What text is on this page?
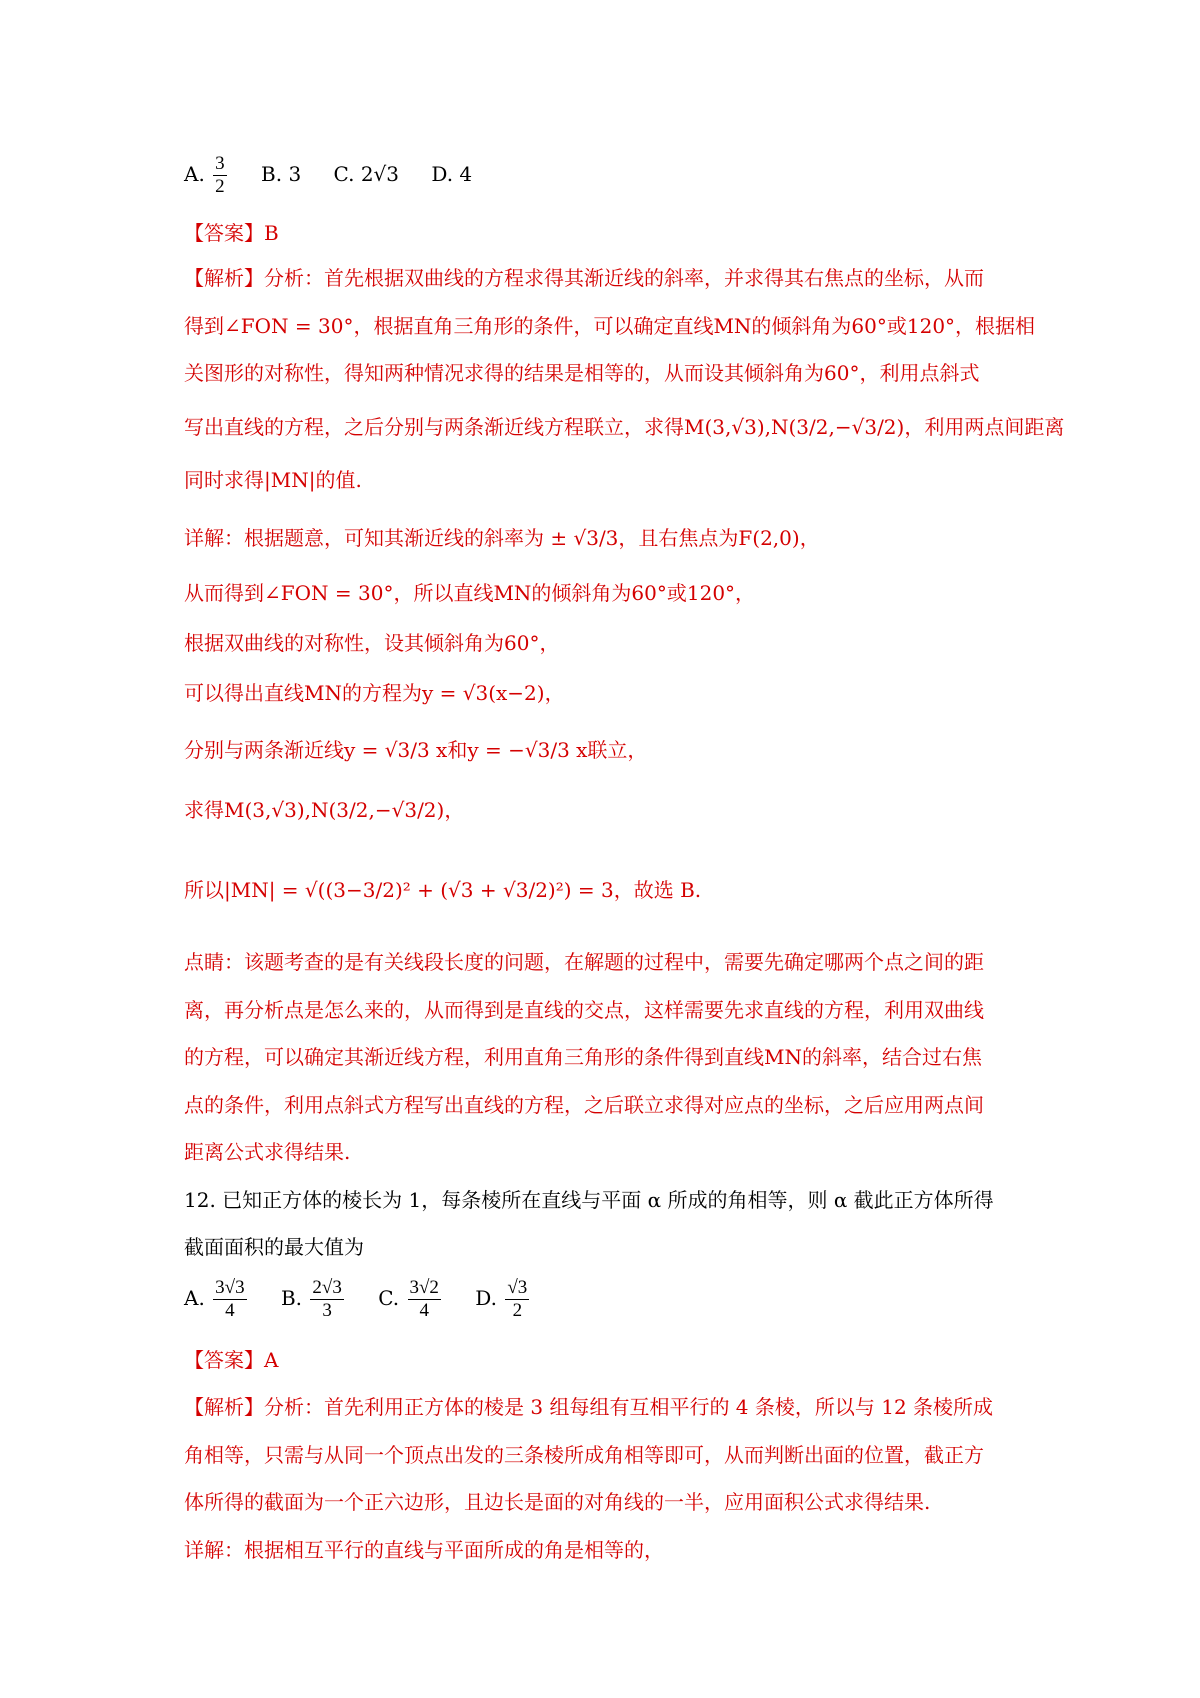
A. $\frac{3}{2} B$. 3 C. 2√3 D. 4
【答案】B
【解析】分析：首先根据双曲线的方程求得其渐近线的斜率，并求得其右焦点的坐标，从而
得到∠FON = 30°，根据直角三角形的条件，可以确定直线MN的倾斜角为60°或120°，根据相
关图形的对称性，得知两种情况求得的结果是相等的，从而设其倾斜角为60°，利用点斜式
写出直线的方程，之后分别与两条渐近线方程联立，求得M(3,√3),N(3/2,−√3/2)，利用两点间距离
同时求得|MN|的值.
详解：根据题意，可知其渐近线的斜率为 ± √3/3，且右焦点为F(2,0)，
从而得到∠FON = 30°，所以直线MN的倾斜角为60°或120°，
根据双曲线的对称性，设其倾斜角为60°，
可以得出直线MN的方程为y = √3(x−2)，
分别与两条渐近线y = √3/3 x和y = −√3/3 x联立，
求得M(3,√3),N(3/2,−√3/2)，
所以|MN| = √((3−3/2)² + (√3 + √3/2)²) = 3，故选 B.
点睛：该题考查的是有关线段长度的问题，在解题的过程中，需要先确定哪两个点之间的距
离，再分析点是怎么来的，从而得到是直线的交点，这样需要先求直线的方程，利用双曲线
的方程，可以确定其渐近线方程，利用直角三角形的条件得到直线MN的斜率，结合过右焦
点的条件，利用点斜式方程写出直线的方程，之后联立求得对应点的坐标，之后应用两点间
距离公式求得结果.
12. 已知正方体的棱长为 1，每条棱所在直线与平面 α 所成的角相等，则 α 截此正方体所得
截面面积的最大值为
A. $\frac{3√3}{4} B$. $\frac{2√3}{3} C$. $\frac{3√2}{4} D$. $\frac{√3}{2}$
【答案】A
【解析】分析：首先利用正方体的棱是 3 组每组有互相平行的 4 条棱，所以与 12 条棱所成
角相等，只需与从同一个顶点出发的三条棱所成角相等即可，从而判断出面的位置，截正方
体所得的截面为一个正六边形，且边长是面的对角线的一半，应用面积公式求得结果.
详解：根据相互平行的直线与平面所成的角是相等的，
